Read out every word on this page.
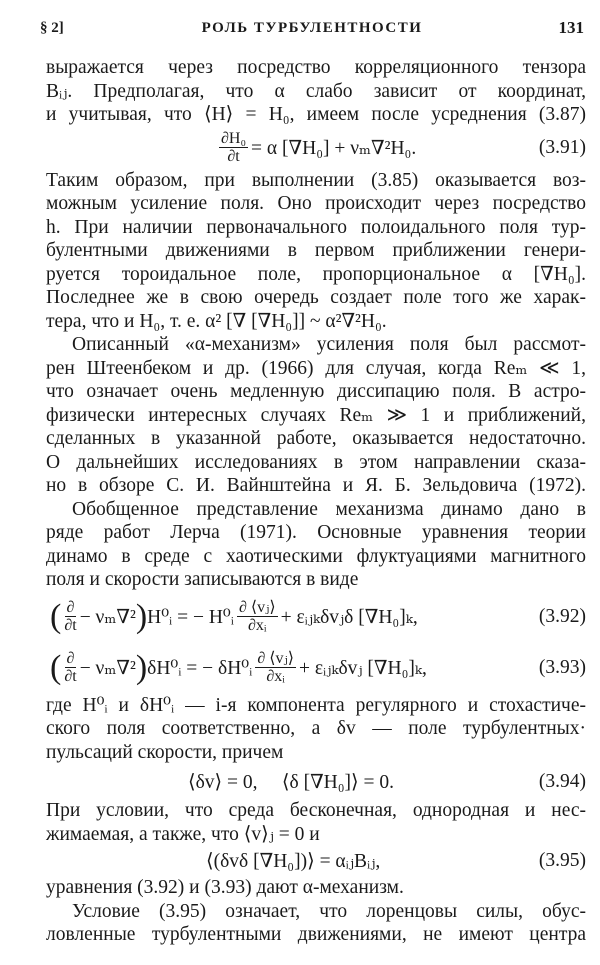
§ 2]	РОЛЬ ТУРБУЛЕНТНОСТИ	131
выражается через посредство корреляционного тензора
Bᵢⱼ. Предполагая, что α слабо зависит от координат,
и учитывая, что ⟨H⟩ = H₀, имеем после усреднения (3.87)
$\frac{\text{∂H₀}}{\partial t} = \alpha$ [∇H₀] + νₘ∇²H₀.	(3.91)
Таким образом, при выполнении (3.85) оказывается воз-
можным усиление поля. Оно происходит через посредство
h. При наличии первоначального полоидального поля тур-
булентными движениями в первом приближении генери-
руется тороидальное поле, пропорциональное α [∇H₀].
Последнее же в свою очередь создает поле того же харак-
тера, что и H₀, т. е. α² [∇ [∇H₀]] ~ α²∇²H₀.
Описанный «α-механизм» усиления поля был рассмот-
рен Штеенбеком и др. (1966) для случая, когда Reₘ ≪ 1,
что означает очень медленную диссипацию поля. В астро-
физически интересных случаях Reₘ ≫ 1 и приближений,
сделанных в указанной работе, оказывается недостаточно.
О дальнейших исследованиях в этом направлении сказа-
но в обзоре С. И. Вайнштейна и Я. Б. Зельдовича (1972).
Обобщенное представление механизма динамо дано в
ряде работ Лерча (1971). Основные уравнения теории
динамо в среде с хаотическими флуктуациями магнитного
поля и скорости записываются в виде
( $\frac{\partial}{\partial t} - \nu_m\nabla^2$ ) H⁰ᵢ = − H⁰ᵢ $\frac{\text{∂ ⟨vⱼ⟩}}{\text{∂xᵢ}}$ + εᵢⱼₖδvⱼδ [∇H₀]ₖ,	(3.92)
( $\frac{\partial}{\partial t} - \nu_m\nabla^2$ ) δH⁰ᵢ = − δH⁰ᵢ $\frac{\text{∂ ⟨vⱼ⟩}}{\text{∂xᵢ}}$ + εᵢⱼₖδvⱼ [∇H₀]ₖ,	(3.93)
где H⁰ᵢ и δH⁰ᵢ — i-я компонента регулярного и стохастиче-
ского поля соответственно, а δv — поле турбулентных·
пульсаций скорости, причем
⟨δv⟩ = 0,     ⟨δ [∇H₀]⟩ = 0.	(3.94)
При условии, что среда бесконечная, однородная и нес-
жимаемая, а также, что ⟨v⟩ⱼ = 0 и
⟨(δvδ [∇H₀])⟩ = αᵢⱼBᵢⱼ,	(3.95)
уравнения (3.92) и (3.93) дают α-механизм.
Условие (3.95) означает, что лоренцовы силы, обус-
ловленные турбулентными движениями, не имеют центра
